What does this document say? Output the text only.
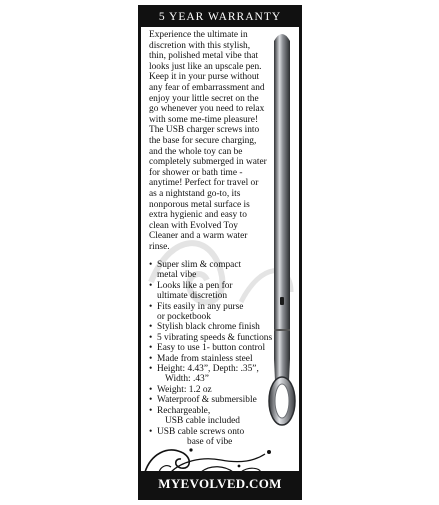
5 YEAR WARRANTY

Experience the ultimate in discretion with this stylish, thin, polished metal vibe that looks just like an upscale pen. Keep it in your purse without any fear of embarrassment and enjoy your little secret on the go whenever you need to relax with some me-time pleasure! The USB charger screws into the base for secure charging, and the whole toy can be completely submerged in water for shower or bath time - anytime! Perfect for travel or as a nightstand go-to, its nonporous metal surface is extra hygienic and easy to clean with Evolved Toy Cleaner and a warm water rinse.

• Super slim & compact
metal vibe
• Looks like a pen for
ultimate discretion
• Fits easily in any purse
or pocketbook
• Stylish black chrome finish
• 5 vibrating speeds & functions
• Easy to use 1- button control
• Made from stainless steel
• Height: 4.43”, Depth: .35”,
Width: .43”
• Weight: 1.2 oz
• Waterproof & submersible
• Rechargeable,
USB cable included
• USB cable screws onto
base of vibe
MYEVOLVED.COM
